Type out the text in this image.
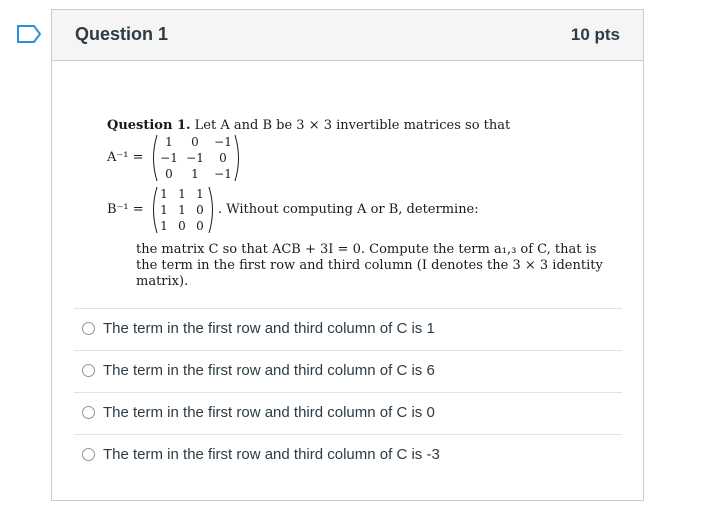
Question 1	10 pts
Question 1. Let A and B be 3 × 3 invertible matrices so that
A⁻¹ =
1	0	−1
−1 −1	0
0	1	−1
B⁻¹ =
1 1 1
1 1 0
1 0 0
. Without computing A or B, determine:
the matrix C so that ACB + 3I = 0. Compute the term a₁,₃ of C, that is the term in the first row and third column (I denotes the 3 × 3 identity matrix).
The term in the first row and third column of C is 1
The term in the first row and third column of C is 6
The term in the first row and third column of C is 0
The term in the first row and third column of C is -3
